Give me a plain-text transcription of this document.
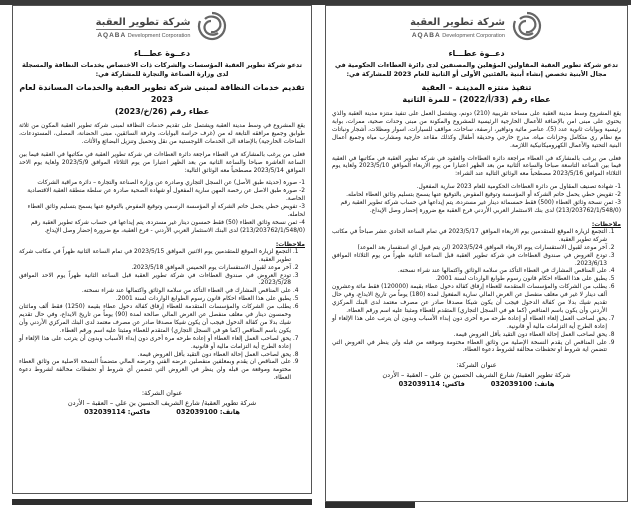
شركة تطوير العقبة
AQABA Development Corporation
دعــوة عطـــاء
تدعو شركة تطوير العقبة المؤسسات والشركات ذات الاختصاص بخدمات النظافة والمسجلة لدى وزارة الصناعة والتجارة للمشاركة في:
تقديم خدمات النظافة لمبنى شركة تطوير العقبة والخدمات المساندة لعام 2023
عطاء رقم (26/خ/2023)

يقع المشروع في وسط مدينة العقبة ويشتمل على تقديم خدمات النظافة لمبنى شركة تطوير العقبة المكون من ثلاثة طوابق وجميع مرافقه التابعة له من (غرف حراسة البوابات، وغرفة السائقين، مبنى الحضانة، المصلى، المستودعات، الساحات الخارجية) بالإضافة الى الخدمات اللوجستية من نقل وتحميل وتنزيل البضائع والأثاث.

فعلى من يرغب بالمشاركة في العطاء مراجعة دائرة العطاءات في شركة تطوير العقبة في مكاتبها في العقبة فيما بين الساعة العاشرة صباحا والساعة الثانية من بعد الظهر اعتبارا من يوم الثلاثاء الموافق 2023/5/9 ولغاية يوم الاحد الموافق 2023/5/14 مصطحباً معه الوثائق التالية:

1- صورة (حديثة طبق الأصل) عن السجل التجاري وصادرة عن وزارة الصناعة والتجارة – دائرة مراقبة الشركات
2- صورة طبق الاصل عن رخصة المهن سارية المفعول أو شهاده الصحية صادرة عن سلطة منطقة العقبة الاقتصادية الخاصة.
3- تفويض خطي يحمل خاتم الشركة أو المؤسسة الرسمي وتوقيع المفوض بالتوقيع عنها يسمح بتسليم وثائق العطاء لحامله.
4- ثمن نسخة وثائق العطاء (50) فقط خمسون دينار غير مستردة، يتم إيداعها في حساب شركة تطوير العقبة رقم (213/203762/1/548/0) لدى البنك الاستثمار العربي الأردني - فرع العقبة، مع ضرورة إحضار وصل الإيداع.
ملاحظات:
1. التجمع لزيارة الموقع للمتقدمين يوم الاثنين الموافق 2023/5/15 في تمام الساعة الثانية ظهراً في مكاتب شركة تطوير العقبة.
2. آخر موعد لقبول الاستفسارات يوم الخميس الموافق 2023/5/18.
3. تودع العروض في صندوق العطاءات في شركة تطوير العقبة قبل الساعة الثانية ظهراً يوم الاحد الموافق 2023/5/28.
4. على المناقص المشارك في العطاء التأكد من سلامة الوثائق واكتمالها عند شراء نسخته.
5. يطبق على هذا العطاء احكام قانون رسوم الطوابع الواردات لسنة 2001.
6. يطلب من الشركات والمؤسسات المتقدمة للعطاء إرفاق كفالة دخول عطاء بقيمة (1250) فقط ألف ومائتان وخمسون دينار في مغلف منفصل عن العرض المالي صالحة لمدة (90) يوماً من تاريخ الايداع، وفي حال تقديم شيك بدلا من كفالة الدخول فيجب أن يكون شيكا مصدقا صادر عن مصرف معتمد لدى البنك المركزي الأردني وأن يكون باسم المناقص (كما هو في السجل التجاري) المتقدم للعطاء ومثبتا عليه اسم ورقم العطاء.
7. يحق لصاحب العمل إلغاء العطاء أو إعادة طرحه مرة أخرى دون إبداء الأسباب وبدون أن يترتب على هذا الإلغاء أو إعادة الطرح أية التزامات مالية أو قانونية.
8. يحق لصاحب العمل إحالة العطاء دون التقيد بأقل العروض قيمة.
9. على المناقص ان يقدم وبمغلفين منفصلين عرضه الفني وعرضه المالي متضمناً النسخة الاصلية من وثائق العطاء مختومة وموقعة من قبله ولن ينظر في العروض التي تتضمن أي شروط أو تحفظات مخالفة لشروط دعوة العطاء.
عنوان الشركة:
شركة تطوير العقبة/ شارع الشريف الحسين بن علي – العقبة – الأردن
هاتف: 032039100
فاكس: 032039114
شركة تطوير العقبة
AQABA Development Corporation
دعــوة عطـــاء
تدعو شركة تطوير العقبة المقاولين المؤهلين والمصنفين لدى دائرة العطاءات الحكومية في مجال الأبنية تخصص إنشاء أبنية بالفئتين الأولى أو الثانية للعام 2023 للمشاركة في:
تنفيذ منتزه المدينـة – العقبة
عطاء رقم (33/أ/2022) – للمرة الثانية

يقع المشروع وسط مدينة العقبة على مساحة تقريبية (210) دونم، ويشتمل العمل على تنفيذ منتزه مدينة العقبة والذي يحتوي على مبنى امن بالإضافة للأعمال الخارجية الرئيسية للمشروع والمكونة من مبنى وحدات صحية، ممرات، بوابة رئيسية وبوابات ثانوية عدد (5)، عناصر مائية ونوافير، ارصفة، ساحات، مواقف للسيارات، اسوار ومظلات، أشجار ونباتات مع نظام ري متكامل وخزانات مياه، مدرج خارجي وحديقة أطفال وكذلك مقاعد خارجية ومشارب مياه وجميع أعمال البنية التحتية والأعمال الكهروميكانيكية اللازمة.

فعلى من يرغب بالمشاركة في العطاء مراجعة دائرة العطاءات والعقود في شركة تطوير العقبة في مكاتبها في العقبة فيما بين الساعة التاسعة صباحا والساعة الثانية من بعد الظهر اعتبارا من يوم الاربعاء الموافق 2023/5/10 ولغاية يوم الثلاثاء الموافق 2023/5/16 مصطحباً معه الوثائق التالية عند الشراء:

1- شهادة تصنيف المقاول من دائرة العطاءات الحكومية للعام 2023 سارية المفعول.
2- تفويض خطي يحمل خاتم الشركة أو المؤسسة وتوقيع المفوض بالتوقيع عنها يسمح بتسليم وثائق العطاء لحامله.
3- ثمن نسخة وثائق العطاء (500) فقط خمسمائة دينار غير مستردة، يتم إيداعها في حساب شركة تطوير العقبة رقم (213/203762/1/548/0) لدى بنك الاستثمار العربي الأردني فرع العقبة مع ضرورة إحضار وصل الإيداع.
ملاحظات:
1. التجمع لزيارة الموقع للمتقدمين يوم الاربعاء الموافق 2023/5/17 في تمام الساعة الحادي عشر صباحاً في مكاتب شركة تطوير العقبة.
2. آخر موعد لقبول الاستفسارات يوم الاربعاء الموافق 2023/5/24 (لن يتم قبول اي استفسار بعد الموعد)
3. تودع العروض في صندوق العطاءات في شركة تطوير العقبة قبل الساعة الثانية ظهراً من يوم الثلاثاء الموافق 2023/6/13.
4. على المناقص المشارك في العطاء التأكد من سلامة الوثائق واكتمالها عند شراء نسخته.
5. يطبق على هذا العطاء احكام قانون رسوم طوابع الواردات لسنة 2001.
6. يطلب من الشركات والمؤسسات المتقدمة للعطاء إرفاق كفالة دخول عطاء بقيمة (120000) فقط مائة وعشرون ألف دينار لا غير في مغلف منفصل عن العرض المالي سارية المفعول لمدة (180) يوماً من تاريخ الايداع، وفي حال تقديم شيك بدلا من كفالة الدخول فيجب أن يكون شيكا مصدقا صادر عن مصرف معتمد لدى البنك المركزي الأردني وأن يكون باسم المناقص (كما هو في السجل التجاري) المتقدم للعطاء ومثبتا عليه اسم ورقم العطاء.
7. يحق لصاحب العمل إلغاء العطاء أو إعادة طرحه مرة أخرى دون إبداء الأسباب وبدون أن يترتب على هذا الإلغاء أو إعادة الطرح أية التزامات مالية أو قانونية.
8. يحق لصاحب العمل إحالة العطاء دون التقيد بأقل العروض قيمة.
9. على المناقص ان يقدم النسخة الإصلية من وثائق العطاء مختومة وموقعه من قبله ولن ينظر في العروض التي تتضمن اية شروط او تحفظات مخالفة لشروط دعوة العطاء.
عنوان الشركة:
شركة تطوير العقبة/ شارع الشريف الحسين بن علي – العقبة – الأردن
هاتف: 032039100
فاكس: 032039114
